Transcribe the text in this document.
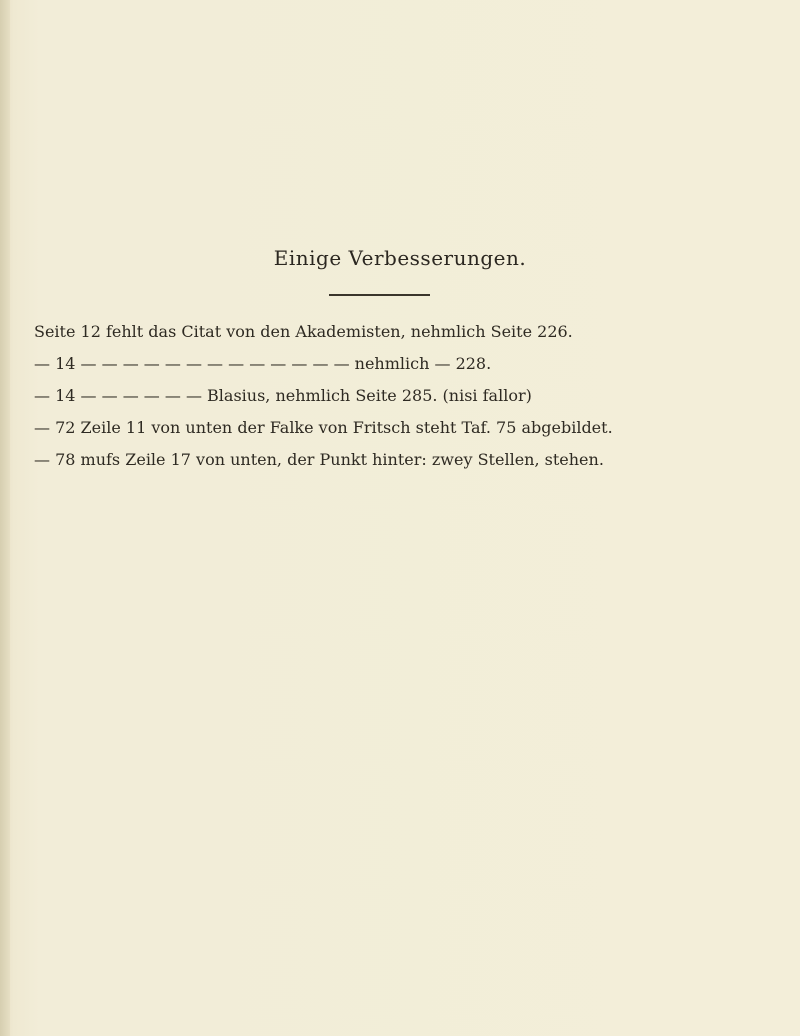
Einige Verbesserungen.
Seite 12 fehlt das Citat von den Akademisten, nehmlich Seite 226.
— 14 — — — — — — — — — — — — — nehmlich — 228.
— 14 — — — — — — Blasius, nehmlich Seite 285. (nisi fallor)
— 72 Zeile 11 von unten der Falke von Fritsch steht Taf. 75 abgebildet.
— 78 mufs Zeile 17 von unten, der Punkt hinter: zwey Stellen, stehen.
